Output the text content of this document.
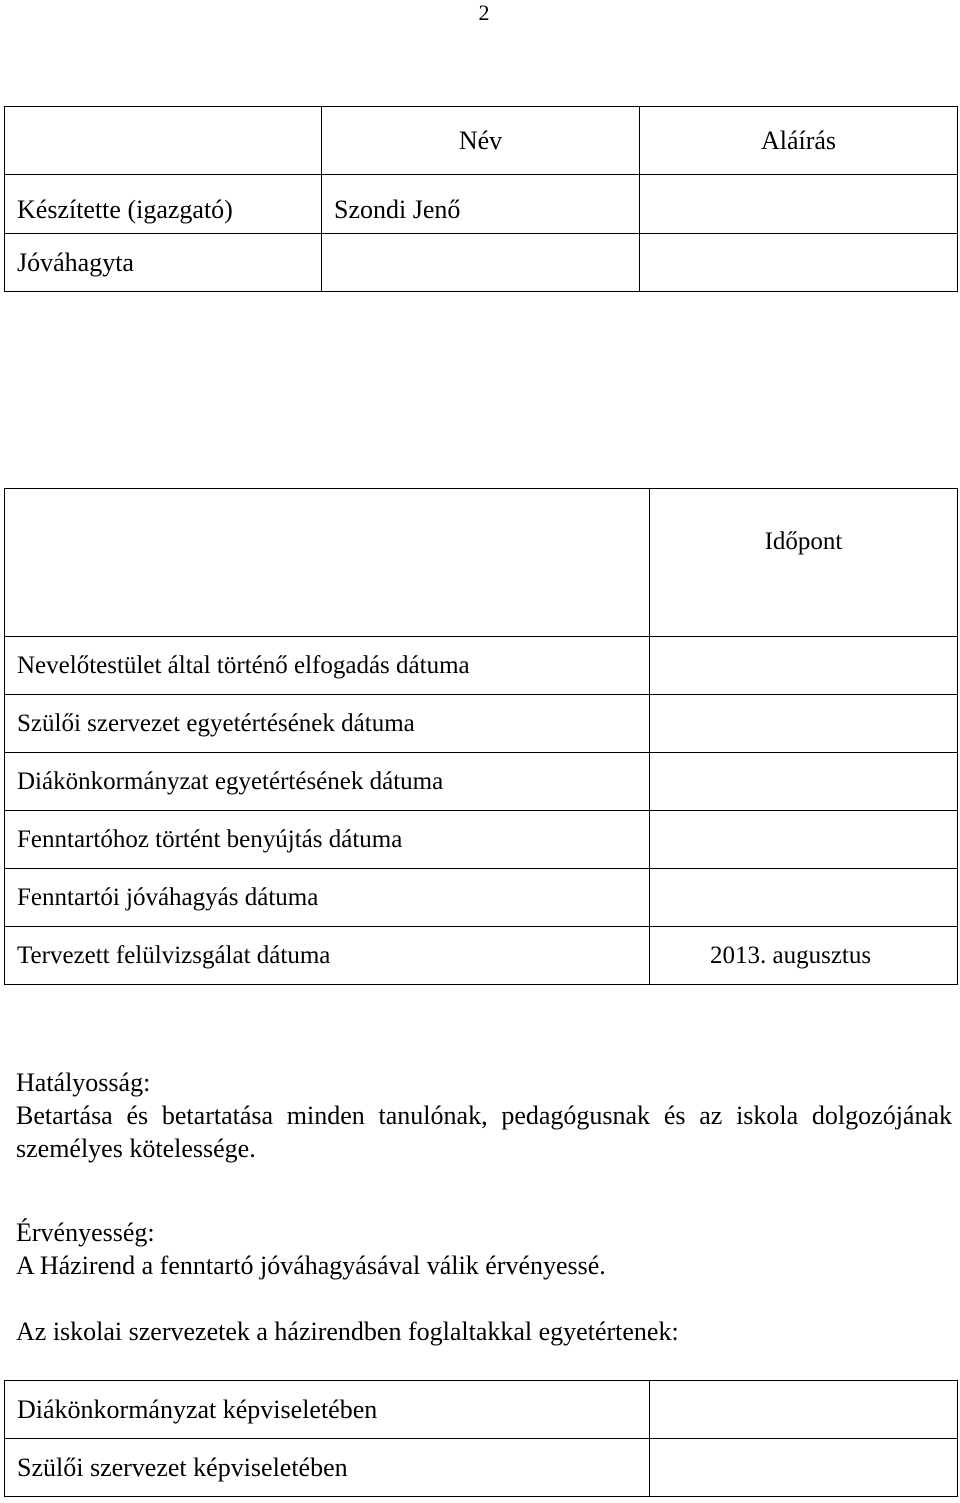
2
	Név	Aláírás
Készítette (igazgató)	Szondi Jenő	
Jóváhagyta		
	Időpont
Nevelőtestület által történő elfogadás dátuma	
Szülői szervezet egyetértésének dátuma	
Diákönkormányzat egyetértésének dátuma	
Fenntartóhoz történt benyújtás dátuma	
Fenntartói jóváhagyás dátuma	
Tervezett felülvizsgálat dátuma	2013. augusztus
Hatályosság:
Betartása és betartatása minden tanulónak, pedagógusnak és az iskola dolgozójának személyes kötelessége.
Érvényesség:
A Házirend a fenntartó jóváhagyásával válik érvényessé.
Az iskolai szervezetek a házirendben foglaltakkal egyetértenek:
Diákönkormányzat képviseletében	
Szülői szervezet képviseletében	
